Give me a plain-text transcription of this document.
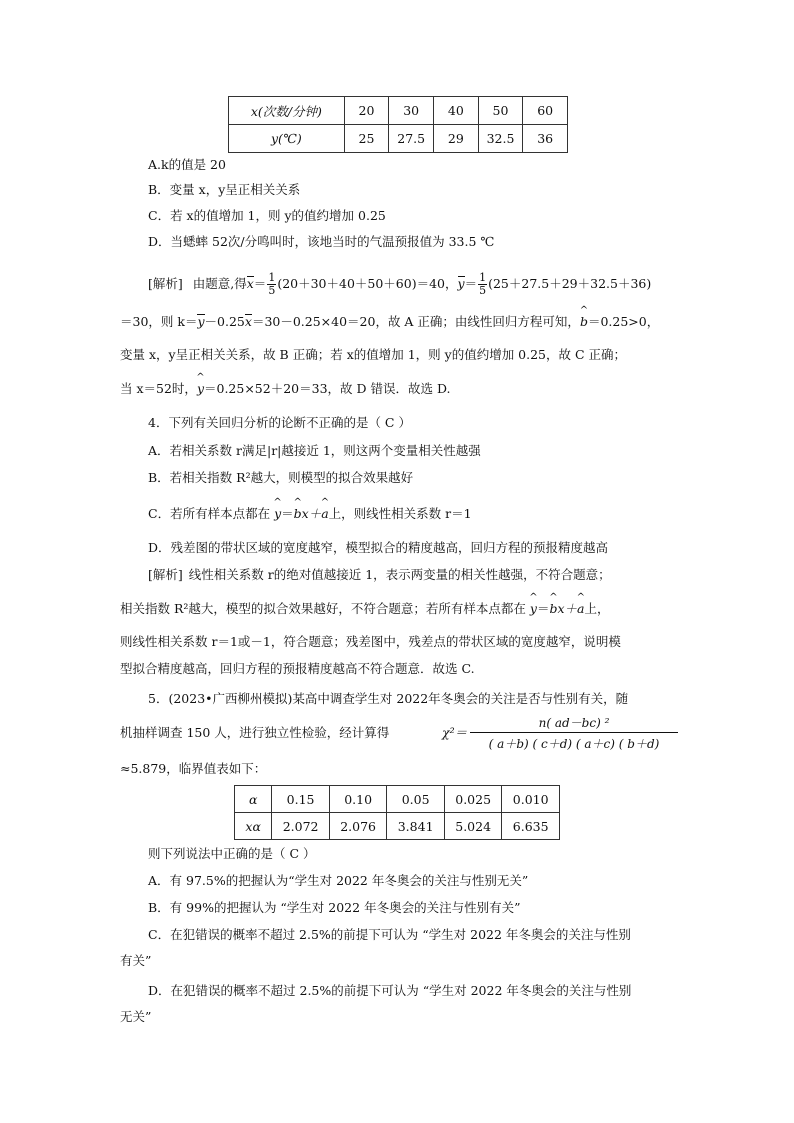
x(次数/分钟)	20	30	40	50	60
y(℃)	25	27.5	29	32.5	36
A.k的值是 20
B．变量 x，y呈正相关关系
C．若 x的值增加 1，则 y的值约增加 0.25
D．当蟋蟀 52次/分鸣叫时，该地当时的气温预报值为 33.5 ℃
[解析] 由题意,得$x= \frac{1}{5} (20+30+40+50+60)=40$，$y= \frac{1}{5} (25+27.5+29+32.5+36)$
＝30，则 k＝y－0.25x＝30－0.25×40＝20，故 A 正确；由线性回归方程可知，^ b＝0.25>0，
变量 x，y呈正相关关系，故 B 正确；若 x的值增加 1，则 y的值约增加 0.25，故 C 正确；
当 x＝52时，^ y＝0.25×52＋20＝33，故 D 错误．故选 D.
4．下列有关回归分析的论断不正确的是（ C ）
A．若相关系数 r满足|r|越接近 1，则这两个变量相关性越强
B．若相关指数 R²越大，则模型的拟合效果越好
C．若所有样本点都在 ^ y＝^ bx＋^ a上，则线性相关系数 r＝1
D．残差图的带状区域的宽度越窄，模型拟合的精度越高，回归方程的预报精度越高
[解析] 线性相关系数 r的绝对值越接近 1，表示两变量的相关性越强，不符合题意；
相关指数 R²越大，模型的拟合效果越好，不符合题意；若所有样本点都在 ^ y＝^ bx＋^ a上，
则线性相关系数 r＝1或－1，符合题意；残差图中，残差点的带状区域的宽度越窄，说明模
型拟合精度越高，回归方程的预报精度越高不符合题意．故选 C.
5．(2023•广西柳州模拟)某高中调查学生对 2022年冬奥会的关注是否与性别有关，随
机抽样调查 150 人，进行独立性检验，经计算得	$\chi^2= \frac{\text{n( ad－bc) ²}}{( a+b) ( c+d) ( a+c) ( b+d)}$
≈5.879，临界值表如下：
α	0.15	0.10	0.05	0.025	0.010
xα	2.072	2.076	3.841	5.024	6.635
则下列说法中正确的是（ C ）
A．有 97.5%的把握认为“学生对 2022 年冬奥会的关注与性别无关”
B．有 99%的把握认为 “学生对 2022 年冬奥会的关注与性别有关”
C．在犯错误的概率不超过 2.5%的前提下可认为 “学生对 2022 年冬奥会的关注与性别
有关”
D．在犯错误的概率不超过 2.5%的前提下可认为 “学生对 2022 年冬奥会的关注与性别
无关”
